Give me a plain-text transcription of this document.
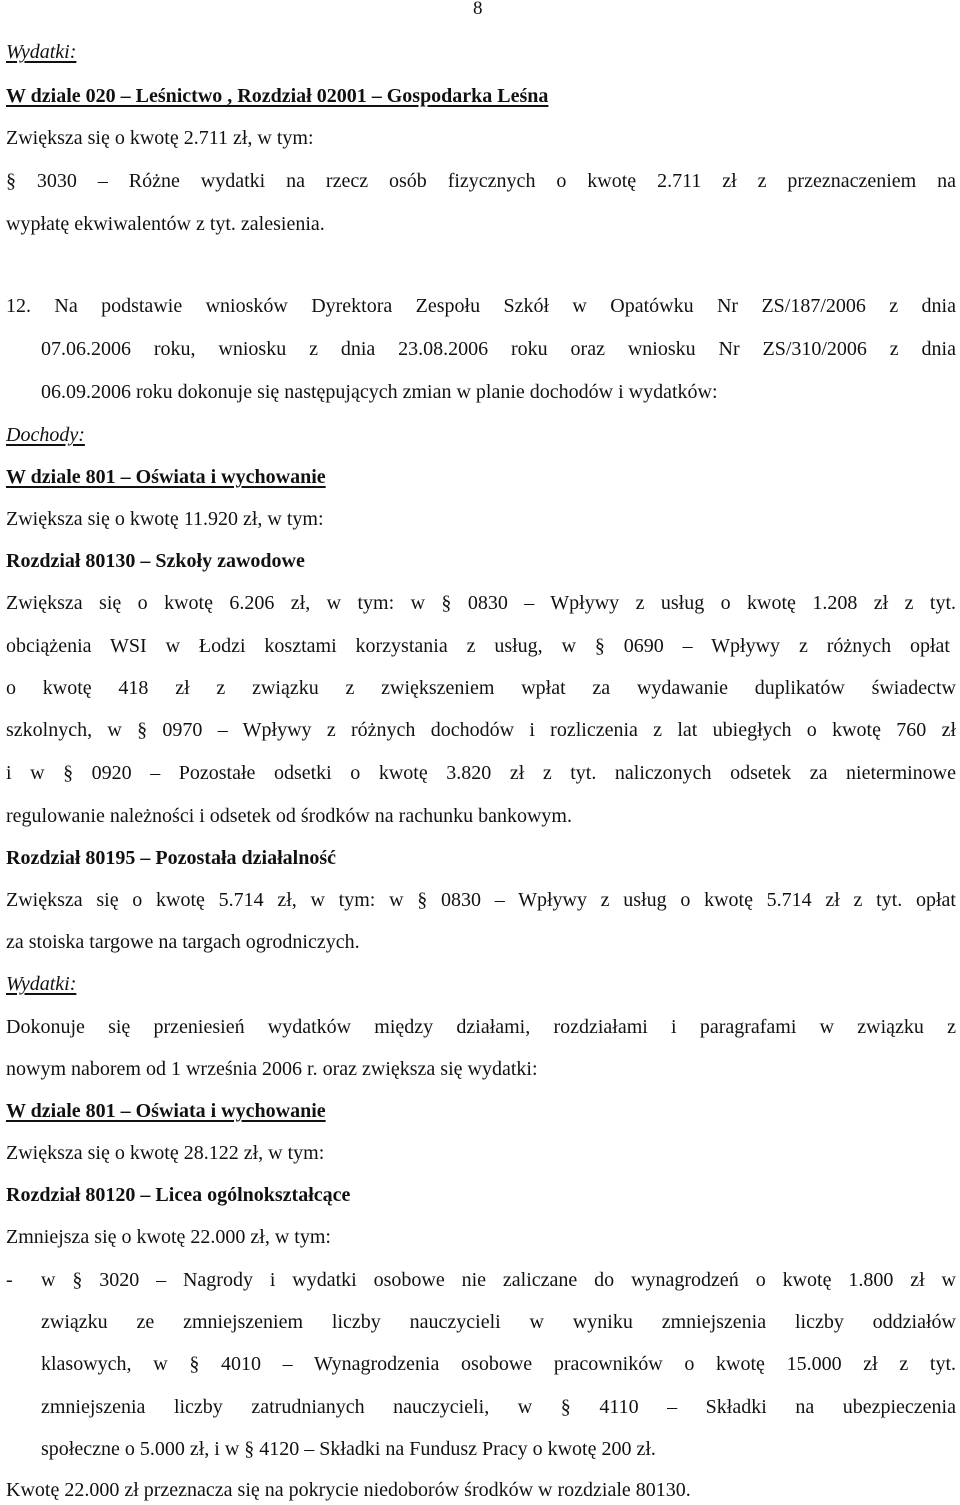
8
Wydatki:
W dziale 020 – Leśnictwo , Rozdział 02001 – Gospodarka Leśna
Zwiększa się o kwotę 2.711 zł, w tym:
§ 3030 – Różne wydatki na rzecz osób fizycznych o kwotę 2.711 zł z przeznaczeniem na
wypłatę ekwiwalentów z tyt. zalesienia.
12. Na podstawie wniosków Dyrektora Zespołu Szkół w Opatówku Nr ZS/187/2006 z dnia
07.06.2006 roku, wniosku z dnia 23.08.2006 roku oraz wniosku Nr ZS/310/2006 z dnia
06.09.2006 roku dokonuje się następujących zmian w planie dochodów i wydatków:
Dochody:
W dziale 801 – Oświata i wychowanie
Zwiększa się o kwotę 11.920 zł, w tym:
Rozdział 80130 – Szkoły zawodowe
Zwiększa się o kwotę 6.206 zł, w tym: w § 0830 – Wpływy z usług o kwotę 1.208 zł z tyt.
obciążenia WSI w Łodzi kosztami korzystania z usług, w § 0690 – Wpływy z różnych opłat
o kwotę 418 zł z związku z zwiększeniem wpłat za wydawanie duplikatów świadectw
szkolnych, w § 0970 – Wpływy z różnych dochodów i rozliczenia z lat ubiegłych o kwotę 760 zł
i w § 0920 – Pozostałe odsetki o kwotę 3.820 zł z tyt. naliczonych odsetek za nieterminowe
regulowanie należności i odsetek od środków na rachunku bankowym.
Rozdział 80195 – Pozostała działalność
Zwiększa się o kwotę 5.714 zł, w tym: w § 0830 – Wpływy z usług o kwotę 5.714 zł z tyt. opłat
za stoiska targowe na targach ogrodniczych.
Wydatki:
Dokonuje się przeniesień wydatków między działami, rozdziałami i paragrafami w związku z
nowym naborem od 1 września 2006 r. oraz zwiększa się wydatki:
W dziale 801 – Oświata i wychowanie
Zwiększa się o kwotę 28.122 zł, w tym:
Rozdział 80120 – Licea ogólnokształcące
Zmniejsza się o kwotę 22.000 zł, w tym:
- w § 3020 – Nagrody i wydatki osobowe nie zaliczane do wynagrodzeń o kwotę 1.800 zł w
związku ze zmniejszeniem liczby nauczycieli w wyniku zmniejszenia liczby oddziałów
klasowych, w § 4010 – Wynagrodzenia osobowe pracowników o kwotę 15.000 zł z tyt.
zmniejszenia liczby zatrudnianych nauczycieli, w § 4110 – Składki na ubezpieczenia
społeczne o 5.000 zł, i w § 4120 – Składki na Fundusz Pracy o kwotę 200 zł.
Kwotę 22.000 zł przeznacza się na pokrycie niedoborów środków w rozdziale 80130.
